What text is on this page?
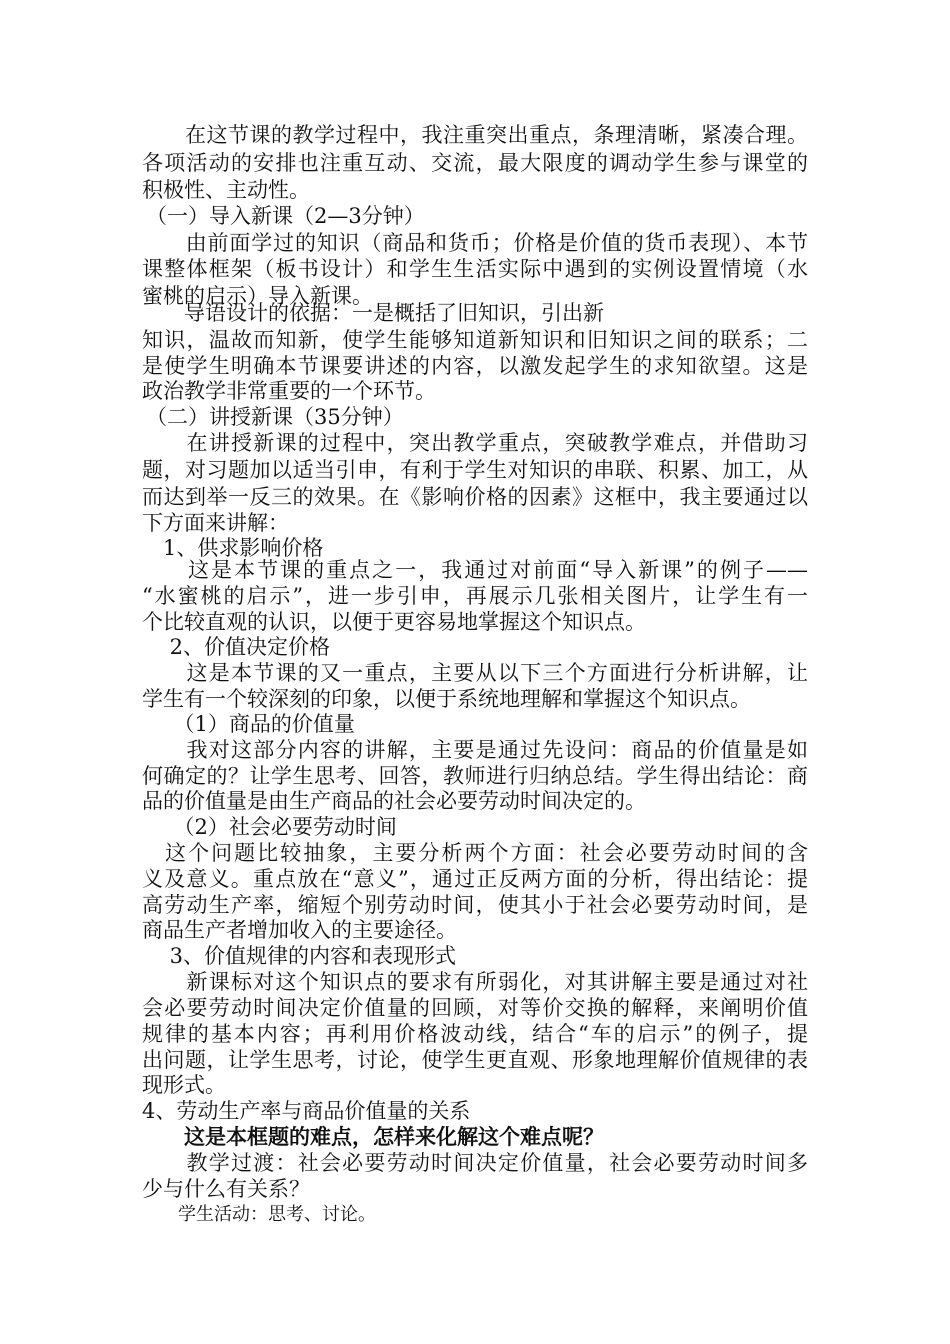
　　在这节课的教学过程中，我注重突出重点，条理清晰，紧凑合理。
各项活动的安排也注重互动、交流，最大限度的调动学生参与课堂的
积极性、主动性。
（一）导入新课（2—3分钟）
　　由前面学过的知识（商品和货币；价格是价值的货币表现）、本节
课整体框架（板书设计）和学生生活实际中遇到的实例设置情境（水
蜜桃的启示）导入新课。
　　导语设计的依据：一是概括了旧知识，引出新
知识，温故而知新，使学生能够知道新知识和旧知识之间的联系；二
是使学生明确本节课要讲述的内容，以激发起学生的求知欲望。这是
政治教学非常重要的一个环节。
（二）讲授新课（35分钟）
　　在讲授新课的过程中，突出教学重点，突破教学难点，并借助习
题，对习题加以适当引申，有利于学生对知识的串联、积累、加工，从
而达到举一反三的效果。在《影响价格的因素》这框中，我主要通过以
下方面来讲解：
　1、供求影响价格
　　这是本节课的重点之一，我通过对前面“导入新课”的例子——
“水蜜桃的启示”，进一步引申，再展示几张相关图片，让学生有一
个比较直观的认识，以便于更容易地掌握这个知识点。
　 2、价值决定价格
　　这是本节课的又一重点，主要从以下三个方面进行分析讲解，让
学生有一个较深刻的印象，以便于系统地理解和掌握这个知识点。
　　（1）商品的价值量
　　我对这部分内容的讲解，主要是通过先设问：商品的价值量是如
何确定的？让学生思考、回答，教师进行归纳总结。学生得出结论：商
品的价值量是由生产商品的社会必要劳动时间决定的。
　　（2）社会必要劳动时间
　这个问题比较抽象，主要分析两个方面：社会必要劳动时间的含
义及意义。重点放在“意义”，通过正反两方面的分析，得出结论：提
高劳动生产率，缩短个别劳动时间，使其小于社会必要劳动时间，是
商品生产者增加收入的主要途径。
　 3、价值规律的内容和表现形式
　　新课标对这个知识点的要求有所弱化，对其讲解主要是通过对社
会必要劳动时间决定价值量的回顾，对等价交换的解释，来阐明价值
规律的基本内容；再利用价格波动线，结合“车的启示”的例子，提
出问题，让学生思考，讨论，使学生更直观、形象地理解价值规律的表
现形式。
4、劳动生产率与商品价值量的关系
　　这是本框题的难点，怎样来化解这个难点呢？
　　教学过渡：社会必要劳动时间决定价值量，社会必要劳动时间多
少与什么有关系？
　　学生活动：思考、讨论。
